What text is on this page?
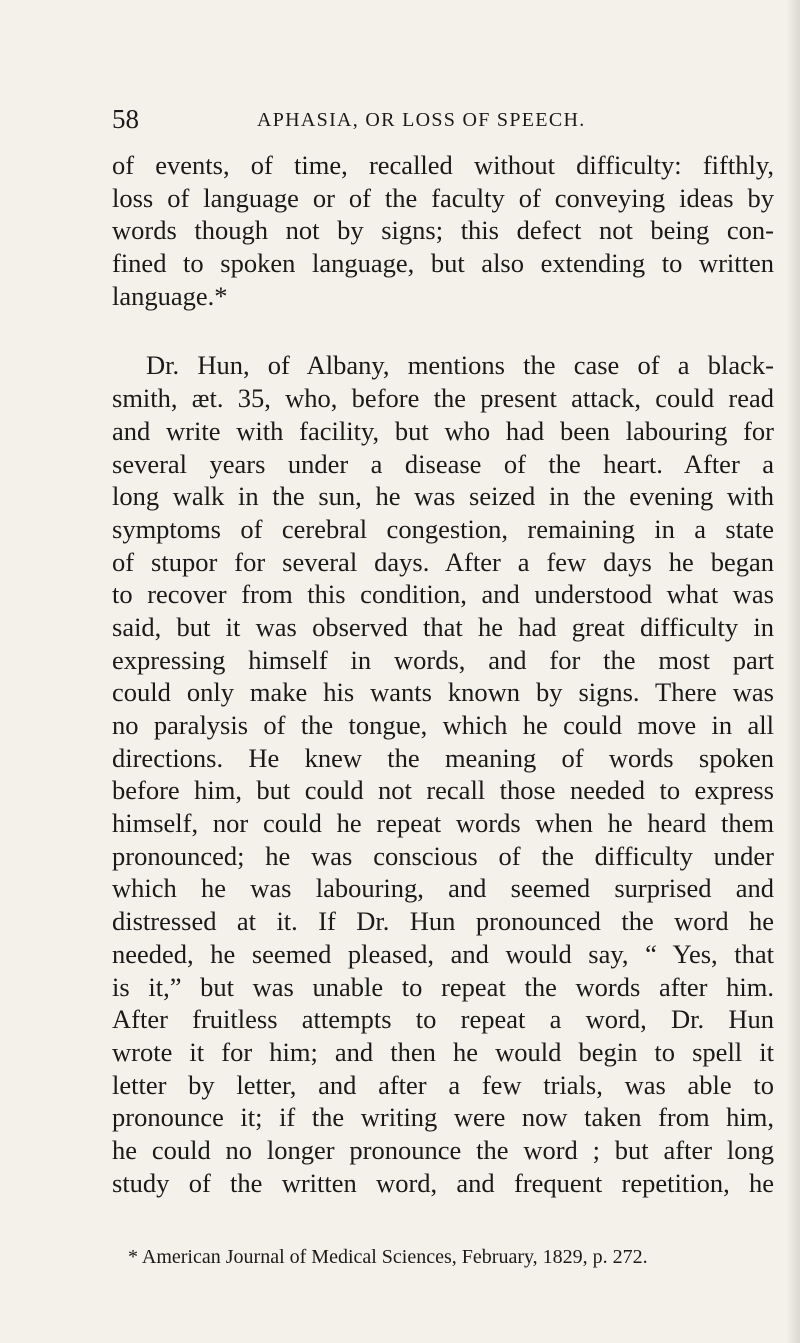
58	APHASIA, OR LOSS OF SPEECH.

of events, of time, recalled without difficulty: fifthly,
loss of language or of the faculty of conveying ideas by
words though not by signs; this defect not being con-
fined to spoken language, but also extending to written
language.*

Dr. Hun, of Albany, mentions the case of a black-
smith, æt. 35, who, before the present attack, could read
and write with facility, but who had been labouring for
several years under a disease of the heart. After a
long walk in the sun, he was seized in the evening with
symptoms of cerebral congestion, remaining in a state
of stupor for several days. After a few days he began
to recover from this condition, and understood what was
said, but it was observed that he had great difficulty in
expressing himself in words, and for the most part
could only make his wants known by signs. There was
no paralysis of the tongue, which he could move in all
directions. He knew the meaning of words spoken
before him, but could not recall those needed to express
himself, nor could he repeat words when he heard them
pronounced; he was conscious of the difficulty under
which he was labouring, and seemed surprised and
distressed at it. If Dr. Hun pronounced the word he
needed, he seemed pleased, and would say, “ Yes, that
is it,” but was unable to repeat the words after him.
After fruitless attempts to repeat a word, Dr. Hun
wrote it for him; and then he would begin to spell it
letter by letter, and after a few trials, was able to
pronounce it; if the writing were now taken from him,
he could no longer pronounce the word ; but after long
study of the written word, and frequent repetition, he

* American Journal of Medical Sciences, February, 1829, p. 272.
